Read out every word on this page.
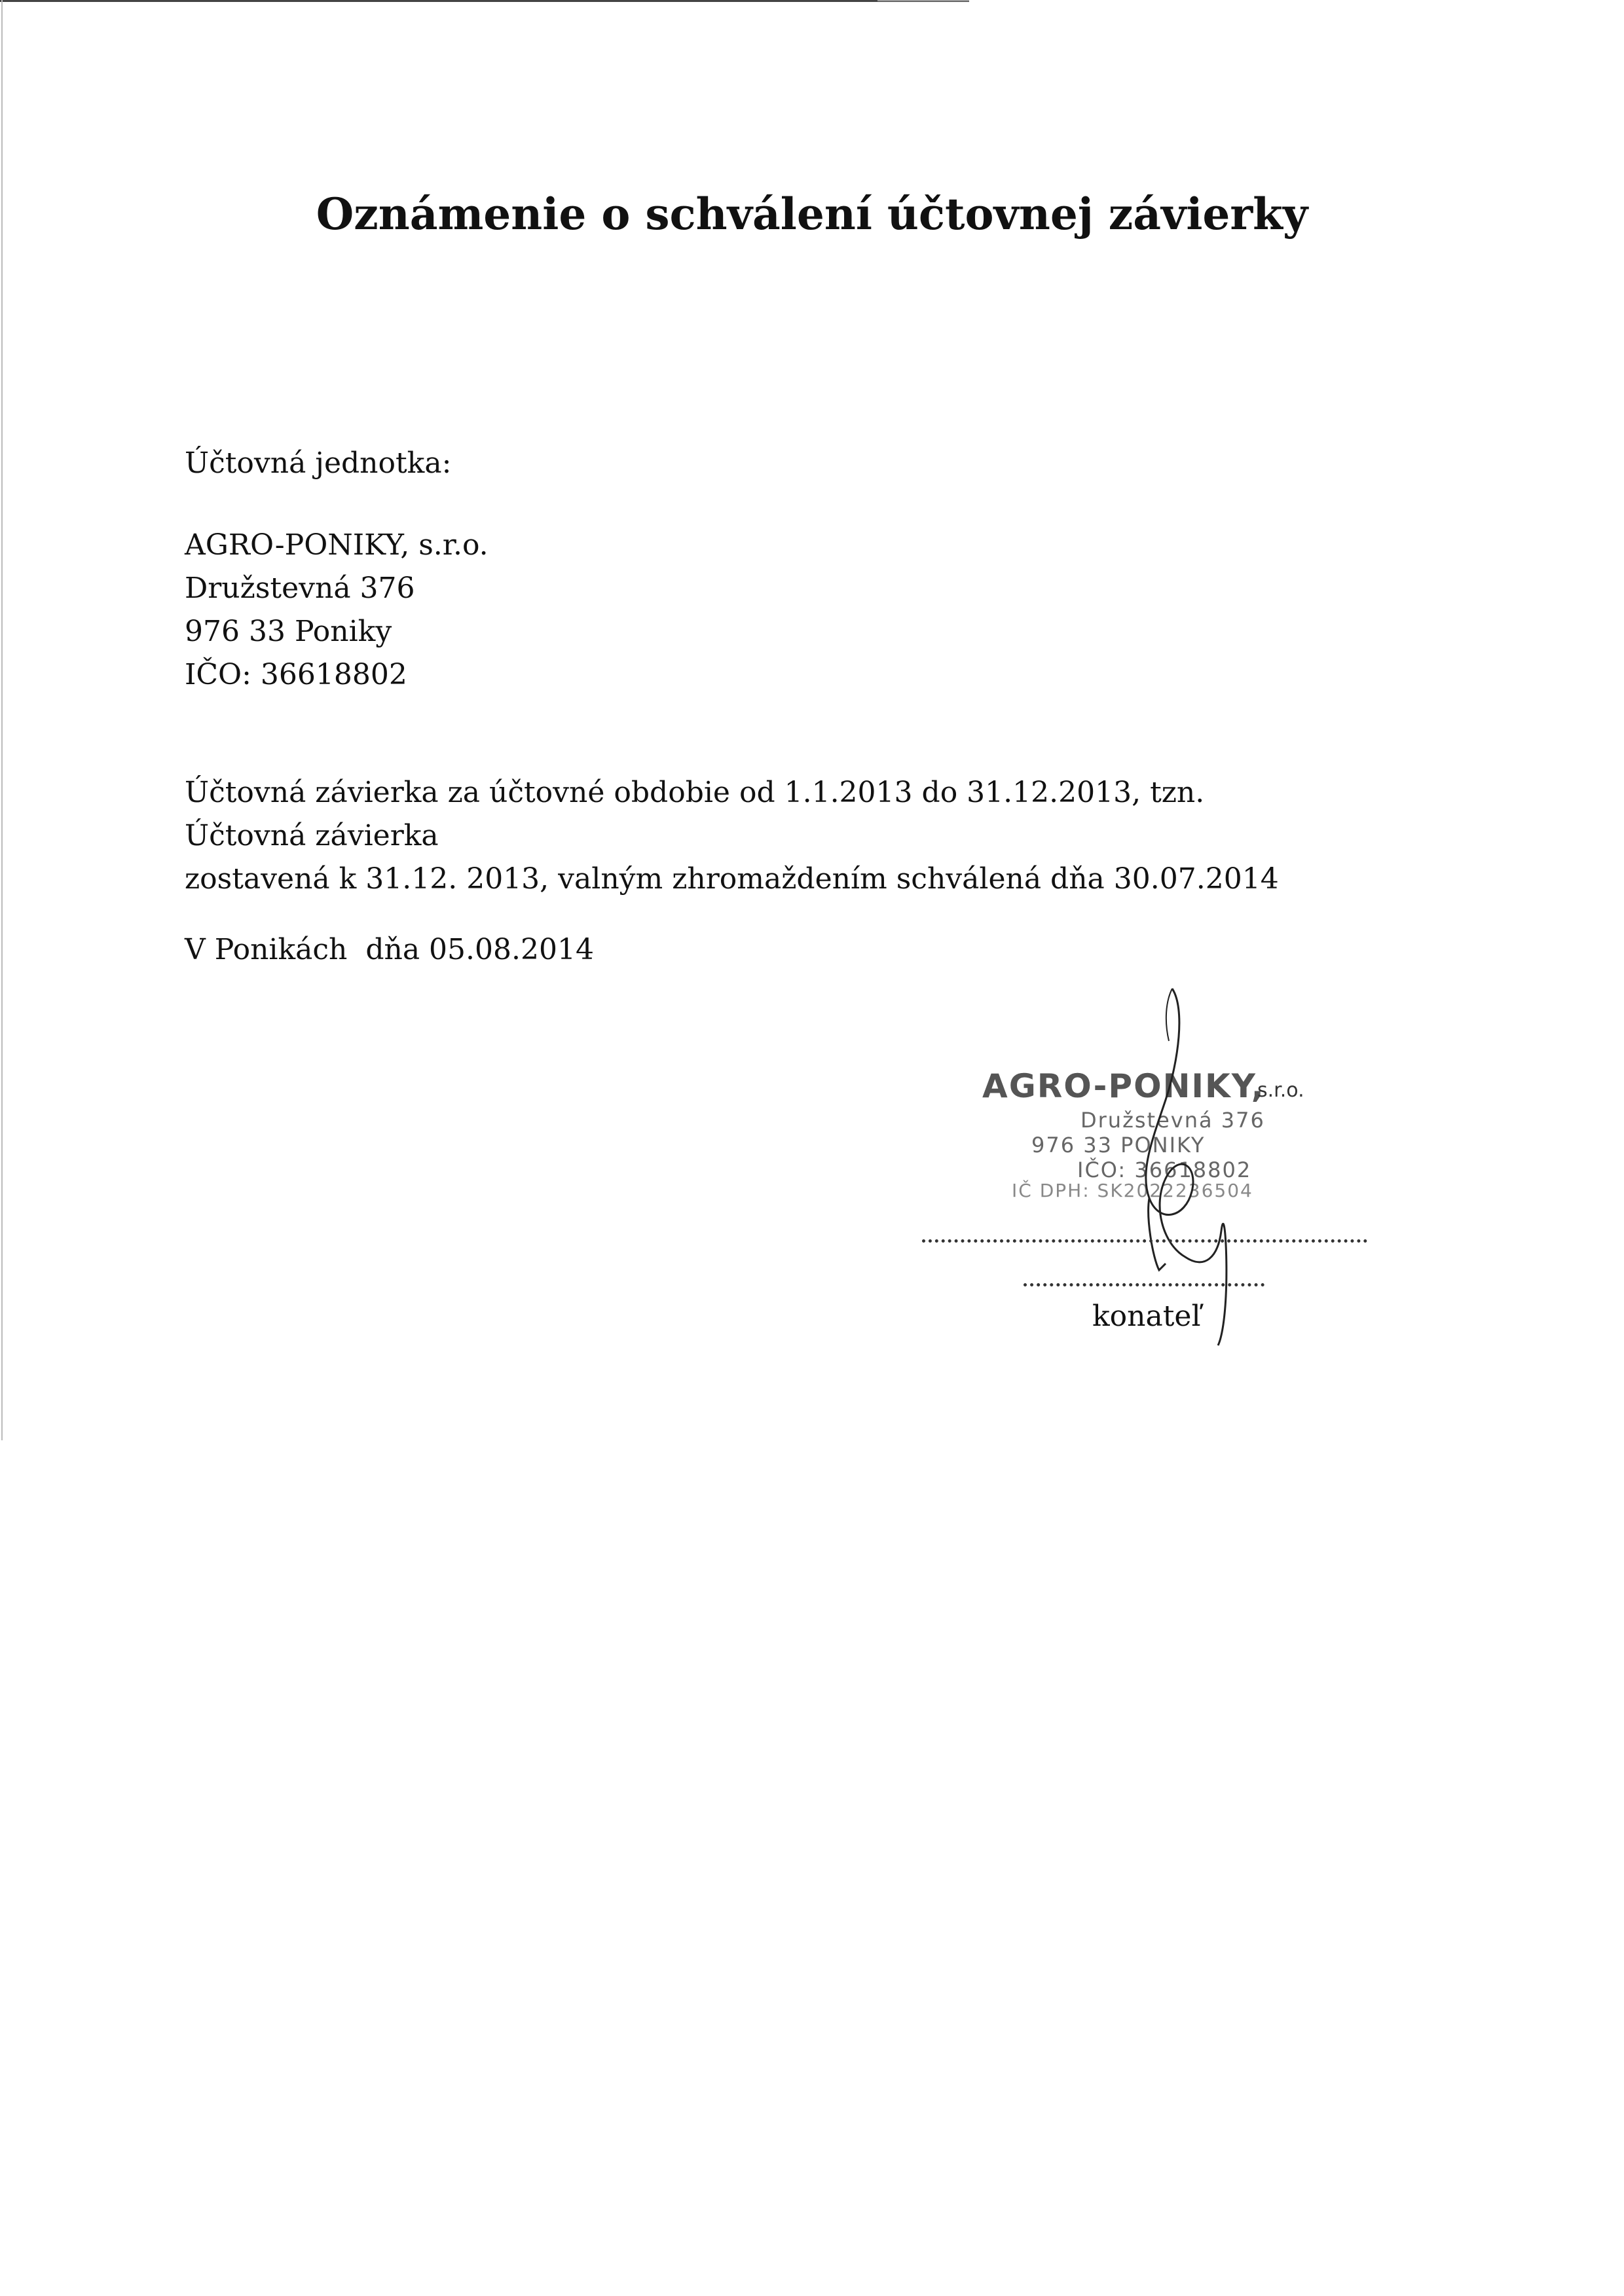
Oznámenie o schválení účtovnej závierky
Účtovná jednotka:
AGRO-PONIKY, s.r.o.
Družstevná 376
976 33 Poniky
IČO: 36618802
Účtovná závierka za účtovné obdobie od 1.1.2013 do 31.12.2013, tzn. Účtovná závierka
zostavená k 31.12. 2013, valným zhromaždením schválená dňa 30.07.2014
V Ponikách  dňa 05.08.2014
AGRO-PONIKY,
s.r.o.
Družstevná 376
976 33 PONIKY
IČO: 36618802
IČ DPH: SK2022236504
konateľ
